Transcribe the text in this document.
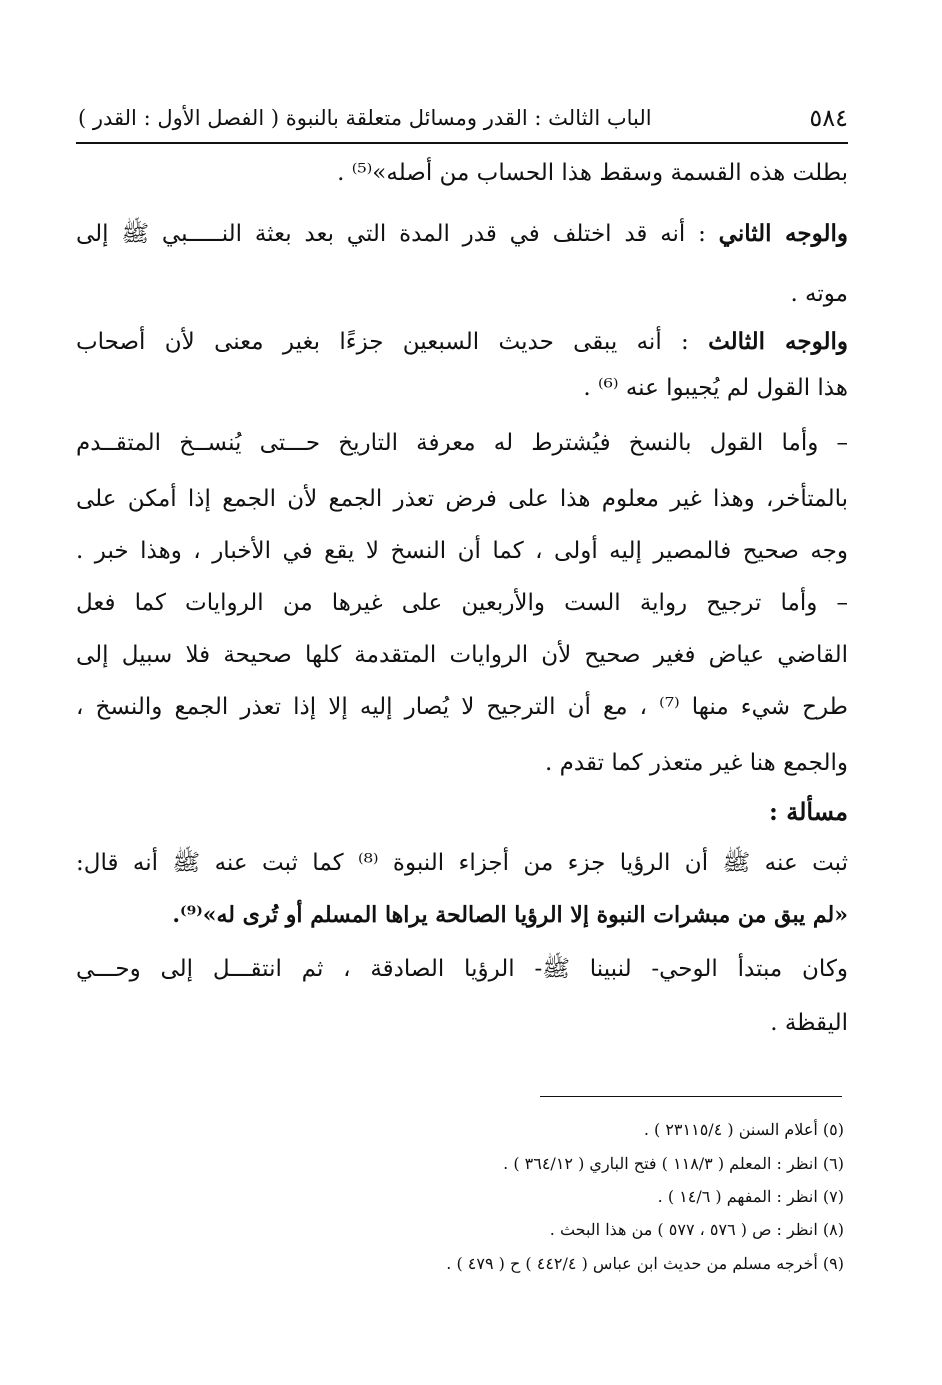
٥٨٤
الباب الثالث : القدر ومسائل متعلقة بالنبوة ( الفصل الأول : القدر )
بطلت هذه القسمة وسقط هذا الحساب من أصله»⁽⁵⁾ .
والوجه الثاني : أنه قد اختلف في قدر المدة التي بعد بعثة النـــــبي ﷺ إلى
موته .
والوجه الثالث : أنه يبقى حديث السبعين جزءًا بغير معنى لأن أصحاب
هذا القول لم يُجيبوا عنه ⁽⁶⁾ .
– وأما القول بالنسخ فيُشترط له معرفة التاريخ حـــتى يُنســخ المتقــدم
بالمتأخر، وهذا غير معلوم هذا على فرض تعذر الجمع لأن الجمع إذا أمكن على
وجه صحيح فالمصير إليه أولى ، كما أن النسخ لا يقع في الأخبار ، وهذا خبر .
– وأما ترجيح رواية الست والأربعين على غيرها من الروايات كما فعل
القاضي عياض فغير صحيح لأن الروايات المتقدمة كلها صحيحة فلا سبيل إلى
طرح شيء منها ⁽⁷⁾ ، مع أن الترجيح لا يُصار إليه إلا إذا تعذر الجمع والنسخ ،
والجمع هنا غير متعذر كما تقدم .
مسألة :
ثبت عنه ﷺ أن الرؤيا جزء من أجزاء النبوة ⁽⁸⁾ كما ثبت عنه ﷺ أنه قال:
«لم يبق من مبشرات النبوة إلا الرؤيا الصالحة يراها المسلم أو تُرى له»⁽⁹⁾.
وكان مبتدأ الوحي- لنبينا ﷺ- الرؤيا الصادقة ، ثم انتقـــل إلى وحـــي
اليقظة .
(٥) أعلام السنن ( ٢٣١١٥/٤ ) .
(٦) انظر : المعلم ( ١١٨/٣ ) فتح الباري ( ٣٦٤/١٢ ) .
(٧) انظر : المفهم ( ١٤/٦ ) .
(٨) انظر : ص ( ٥٧٦ ، ٥٧٧ ) من هذا البحث .
(٩) أخرجه مسلم من حديث ابن عباس ( ٤٤٢/٤ ) ح ( ٤٧٩ ) .
